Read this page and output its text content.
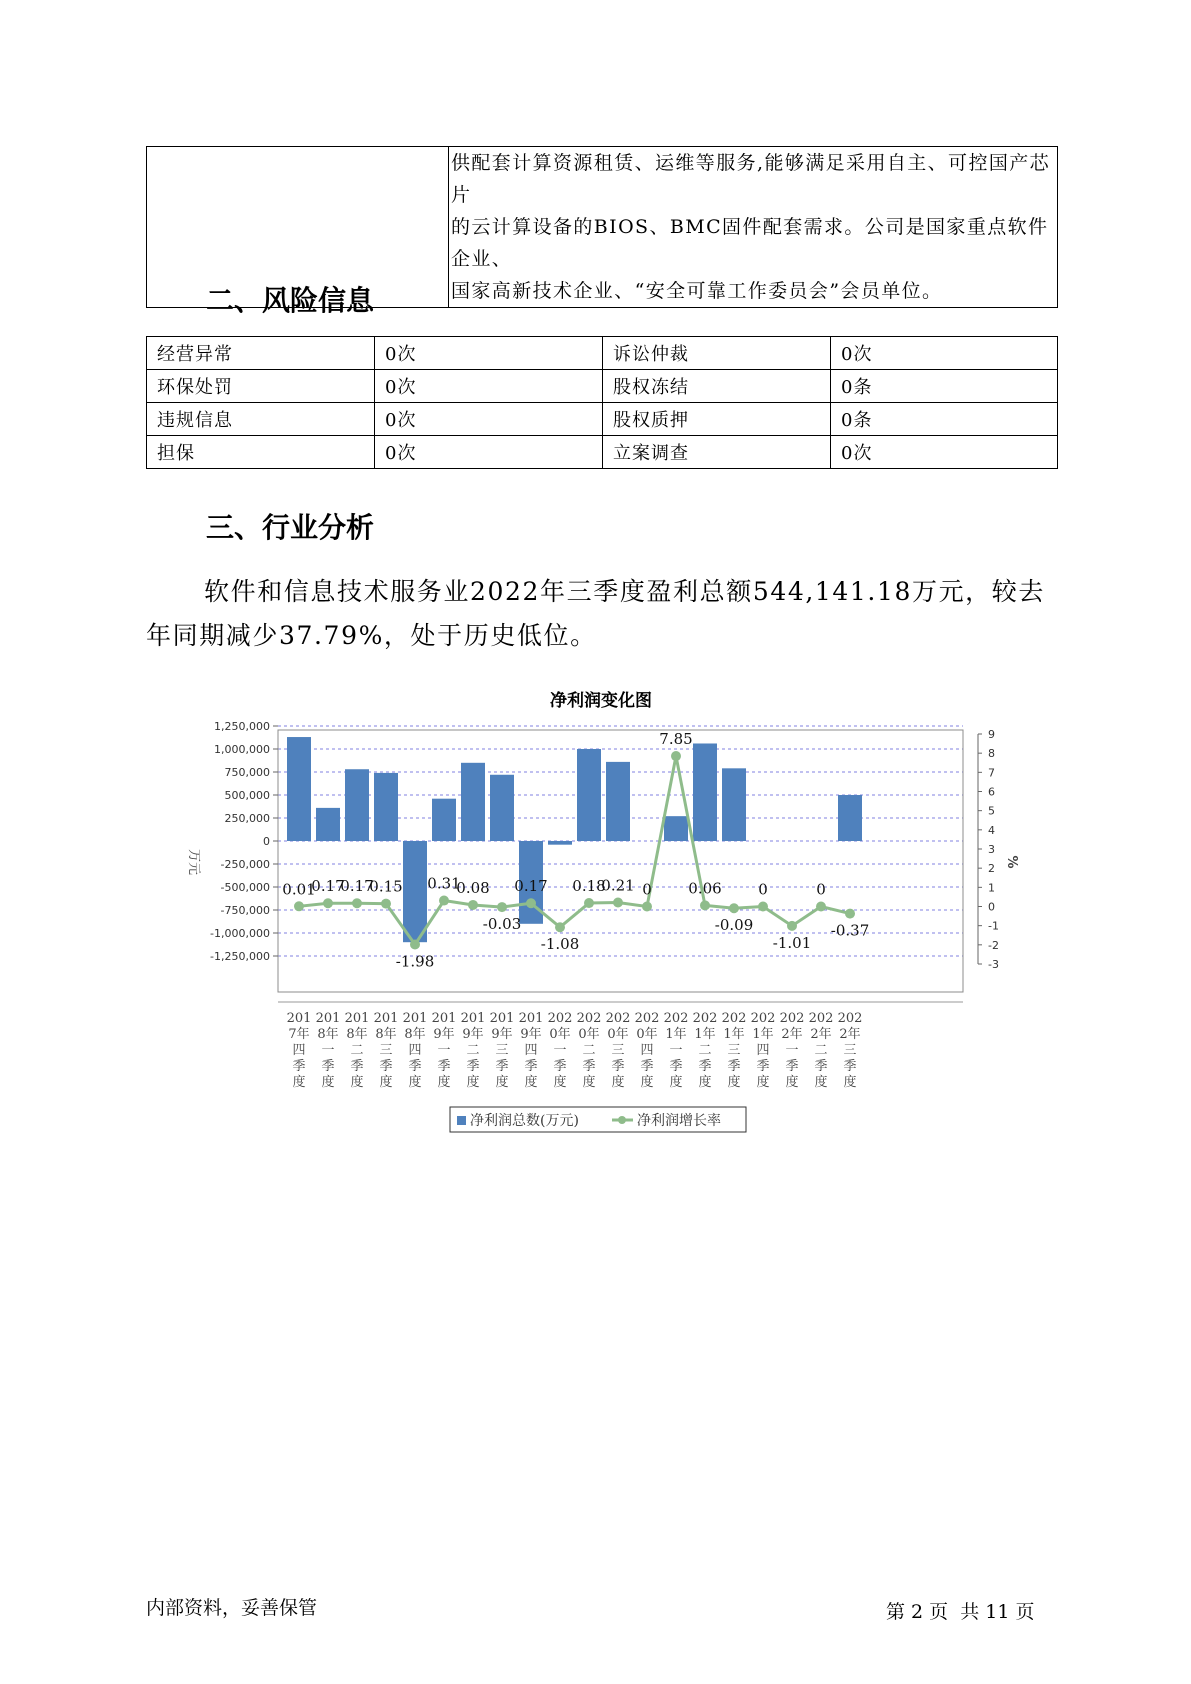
供配套计算资源租赁、运维等服务,能够满足采用自主、可控国产芯片
的云计算设备的BIOS、BMC固件配套需求。公司是国家重点软件企业、
国家高新技术企业、“安全可靠工作委员会”会员单位。
二、风险信息
经营异常	0次	诉讼仲裁	0次
环保处罚	0次	股权冻结	0条
违规信息	0次	股权质押	0条
担保	0次	立案调查	0次
三、行业分析
软件和信息技术服务业2022年三季度盈利总额544,141.18万元，较去年同期减少37.79%，处于历史低位。
净利润变化图
1,250,000
1,000,000
750,000
500,000
250,000
0
-250,000
-500,000
-750,000
-1,000,000
-1,250,000
9
8
7
6
5
4
3
2
1
0
-1
-2
-3
万元	%
0.01
0.17
0.17
0.15
-1.98
0.31
0.08
-0.03
0.17
-1.08
0.18
0.21 0
7.85
0.06
-0.09
0
-1.01
0
-0.37
201
7年
四
季
度
201
8年
一
季
度
201
8年
二
季
度
201
8年
三
季
度
201
8年
四
季
度
201
9年
一
季
度
201
9年
二
季
度
201
9年
三
季
度
201
9年
四
季
度
202
0年
一
季
度
202
0年
二
季
度
202
0年
三
季
度
202
0年
四
季
度
202
1年
一
季
度
202
1年
二
季
度
202
1年
三
季
度
202
1年
四
季
度
202
2年
一
季
度
202
2年
二
季
度
202
2年
三
季
度
净利润总数(万元)	净利润增长率
内部资料，妥善保管	第 2 页  共 11 页
